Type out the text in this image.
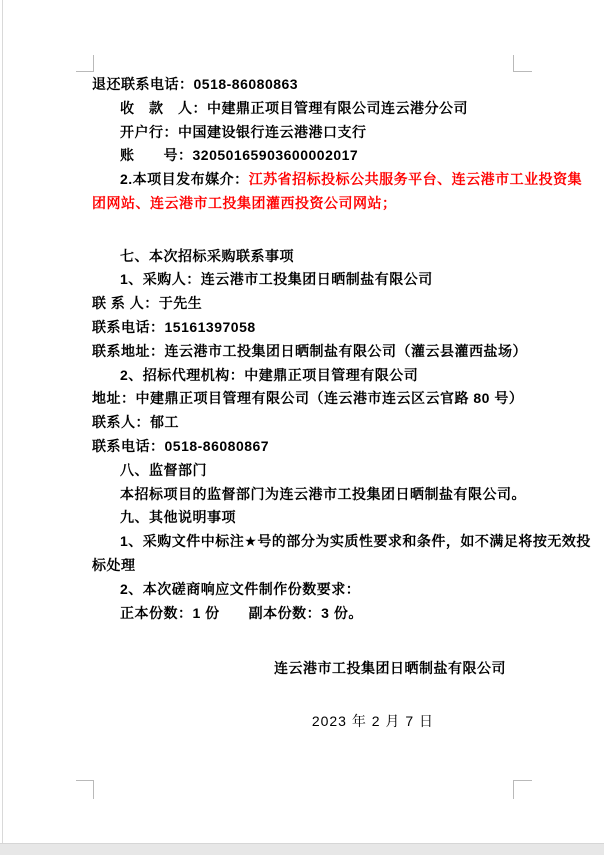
退还联系电话：0518-86080863
收　款　人：中建鼎正项目管理有限公司连云港分公司
开户行：中国建设银行连云港港口支行
账　　号：32050165903600002017
2.本项目发布媒介：江苏省招标投标公共服务平台、连云港市工业投资集
团网站、连云港市工投集团灌西投资公司网站；

七、本次招标采购联系事项
1、采购人：连云港市工投集团日晒制盐有限公司
联 系 人：于先生
联系电话：15161397058
联系地址：连云港市工投集团日晒制盐有限公司（灌云县灌西盐场）
2、招标代理机构：中建鼎正项目管理有限公司
地址：中建鼎正项目管理有限公司（连云港市连云区云官路 80 号）
联系人：郁工
联系电话：0518-86080867
八、监督部门
本招标项目的监督部门为连云港市工投集团日晒制盐有限公司。
九、其他说明事项
1、采购文件中标注★号的部分为实质性要求和条件，如不满足将按无效投
标处理
2、本次磋商响应文件制作份数要求：
正本份数：1 份　　副本份数：3 份。
连云港市工投集团日晒制盐有限公司
2023 年 2 月 7 日
